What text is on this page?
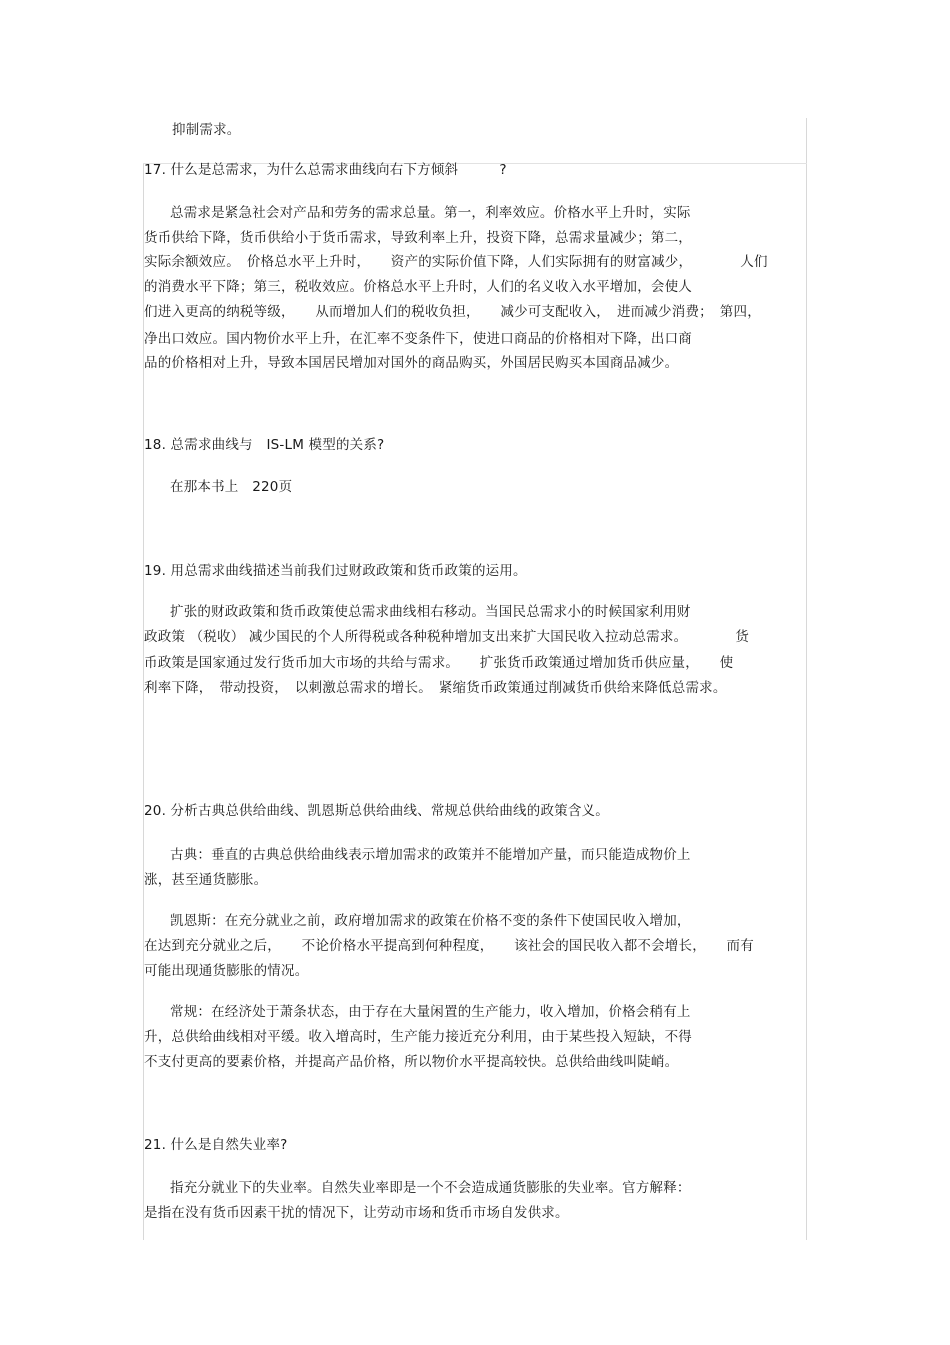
抑制需求。
17. 什么是总需求，为什么总需求曲线向右下方倾斜　　　?
总需求是紧急社会对产品和劳务的需求总量。第一，利率效应。价格水平上升时，实际
货币供给下降，货币供给小于货币需求，导致利率上升，投资下降，总需求量减少；第二，
实际余额效应。　价格总水平上升时，　　资产的实际价值下降，人们实际拥有的财富减少，　　　　人们
的消费水平下降；第三，税收效应。价格总水平上升时，人们的名义收入水平增加，会使人
们进入更高的纳税等级，　　从而增加人们的税收负担，　　减少可支配收入，　进而减少消费；　第四，
净出口效应。国内物价水平上升，在汇率不变条件下，使进口商品的价格相对下降，出口商
品的价格相对上升，导致本国居民增加对国外的商品购买，外国居民购买本国商品减少。
18. 总需求曲线与　IS-LM 模型的关系?
在那本书上　220页
19. 用总需求曲线描述当前我们过财政政策和货币政策的运用。
扩张的财政政策和货币政策使总需求曲线相右移动。当国民总需求小的时候国家利用财
政政策 （税收） 减少国民的个人所得税或各种税种增加支出来扩大国民收入拉动总需求。　　　　货
币政策是国家通过发行货币加大市场的共给与需求。　　扩张货币政策通过增加货币供应量，　　使
利率下降，　带动投资，　以刺激总需求的增长。　紧缩货币政策通过削减货币供给来降低总需求。
20. 分析古典总供给曲线、凯恩斯总供给曲线、常规总供给曲线的政策含义。
古典：垂直的古典总供给曲线表示增加需求的政策并不能增加产量，而只能造成物价上
涨，甚至通货膨胀。
凯恩斯：在充分就业之前，政府增加需求的政策在价格不变的条件下使国民收入增加，
在达到充分就业之后，　　不论价格水平提高到何种程度，　　该社会的国民收入都不会增长，　　而有
可能出现通货膨胀的情况。
常规：在经济处于萧条状态，由于存在大量闲置的生产能力，收入增加，价格会稍有上
升，总供给曲线相对平缓。收入增高时，生产能力接近充分利用，由于某些投入短缺，不得
不支付更高的要素价格，并提高产品价格，所以物价水平提高较快。总供给曲线叫陡峭。
21. 什么是自然失业率?
指充分就业下的失业率。自然失业率即是一个不会造成通货膨胀的失业率。官方解释：
是指在没有货币因素干扰的情况下，让劳动市场和货币市场自发供求。
